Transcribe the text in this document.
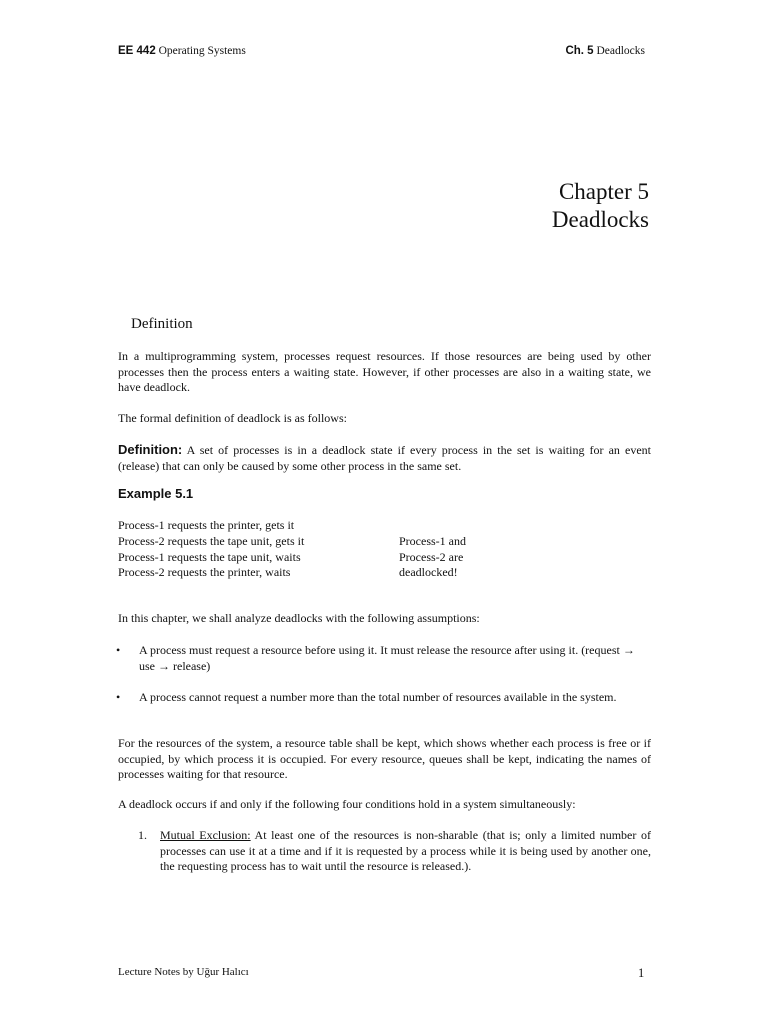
EE 442 Operating Systems	Ch. 5 Deadlocks
Chapter 5
Deadlocks
Definition
In a multiprogramming system, processes request resources. If those resources are being used by other processes then the process enters a waiting state. However, if other processes are also in a waiting state, we have deadlock.
The formal definition of deadlock is as follows:
Definition: A set of processes is in a deadlock state if every process in the set is waiting for an event (release) that can only be caused by some other process in the same set.
Example 5.1
Process-1 requests the printer, gets it
Process-2 requests the tape unit, gets it
Process-1 requests the tape unit, waits
Process-2 requests the printer, waits
Process-1 and
Process-2 are
deadlocked!
In this chapter, we shall analyze deadlocks with the following assumptions:
• A process must request a resource before using it. It must release the resource after using it. (request → use → release)
• A process cannot request a number more than the total number of resources available in the system.
For the resources of the system, a resource table shall be kept, which shows whether each process is free or if occupied, by which process it is occupied. For every resource, queues shall be kept, indicating the names of processes waiting for that resource.
A deadlock occurs if and only if the following four conditions hold in a system simultaneously:
1. Mutual Exclusion: At least one of the resources is non-sharable (that is; only a limited number of processes can use it at a time and if it is requested by a process while it is being used by another one, the requesting process has to wait until the resource is released.).
Lecture Notes by Uğur Halıcı	1
